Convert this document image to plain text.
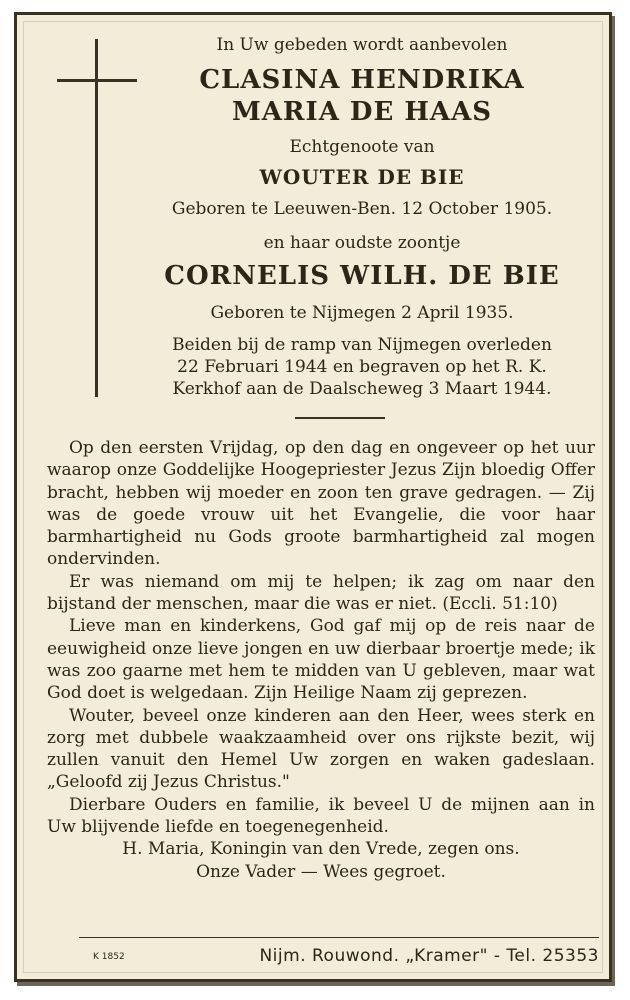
In Uw gebeden wordt aanbevolen
CLASINA HENDRIKA
MARIA DE HAAS
Echtgenoote van
WOUTER DE BIE
Geboren te Leeuwen-Ben. 12 October 1905.
en haar oudste zoontje
CORNELIS WILH. DE BIE
Geboren te Nijmegen 2 April 1935.
Beiden bij de ramp van Nijmegen overleden
22 Februari 1944 en begraven op het R. K.
Kerkhof aan de Daalscheweg 3 Maart 1944.

Op den eersten Vrijdag, op den dag en ongeveer op het uur waarop onze Goddelijke Hoogepriester Jezus Zijn bloedig Offer bracht, hebben wij moeder en zoon ten grave gedragen. — Zij was de goede vrouw uit het Evangelie, die voor haar barmhartigheid nu Gods groote barmhartigheid zal mogen ondervinden.

Er was niemand om mij te helpen; ik zag om naar den bijstand der menschen, maar die was er niet. (Eccli. 51:10)

Lieve man en kinderkens, God gaf mij op de reis naar de eeuwigheid onze lieve jongen en uw dierbaar broertje mede; ik was zoo gaarne met hem te midden van U gebleven, maar wat God doet is welgedaan. Zijn Heilige Naam zij geprezen.

Wouter, beveel onze kinderen aan den Heer, wees sterk en zorg met dubbele waakzaamheid over ons rijkste bezit, wij zullen vanuit den Hemel Uw zorgen en waken gadeslaan. „Geloofd zij Jezus Christus."

Dierbare Ouders en familie, ik beveel U de mijnen aan in Uw blijvende liefde en toegenegenheid.

H. Maria, Koningin van den Vrede, zegen ons.

Onze Vader — Wees gegroet.

K 1852	Nijm. Rouwond. „Kramer" - Tel. 25353
